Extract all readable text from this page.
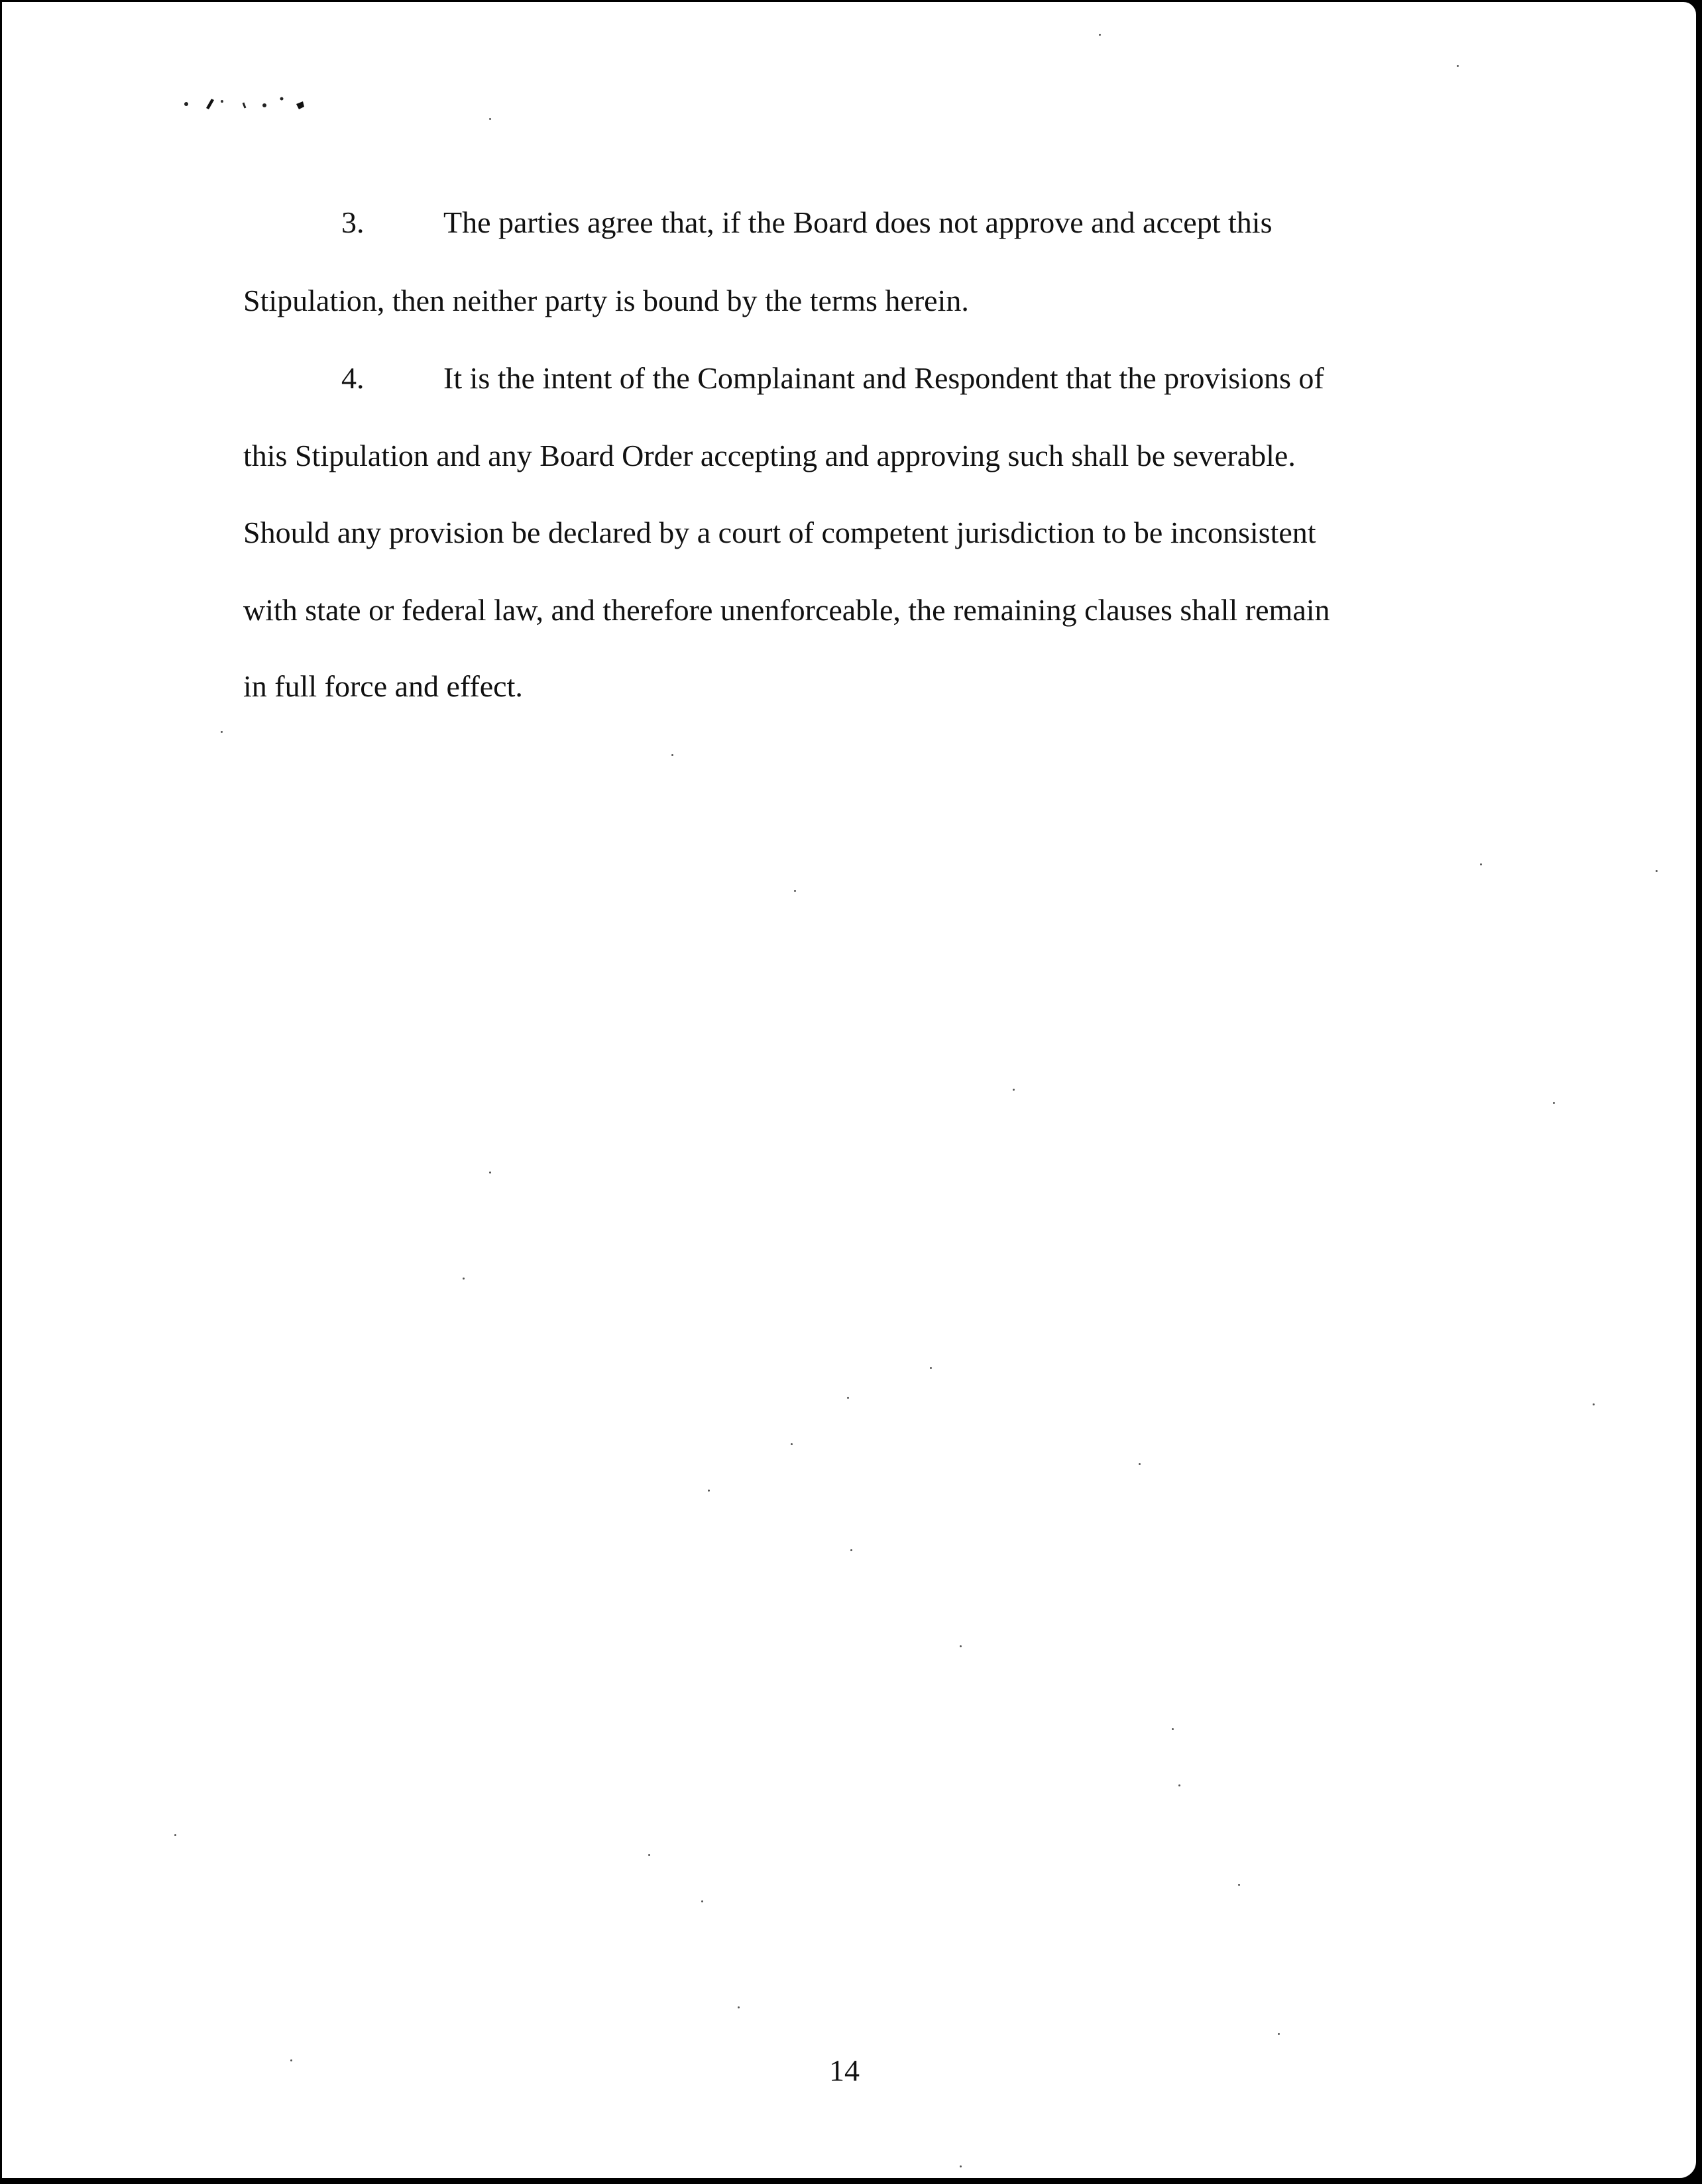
3.	The parties agree that, if the Board does not approve and accept this

Stipulation, then neither party is bound by the terms herein.

4.	It is the intent of the Complainant and Respondent that the provisions of

this Stipulation and any Board Order accepting and approving such shall be severable.

Should any provision be declared by a court of competent jurisdiction to be inconsistent

with state or federal law, and therefore unenforceable, the remaining clauses shall remain

in full force and effect.

14
